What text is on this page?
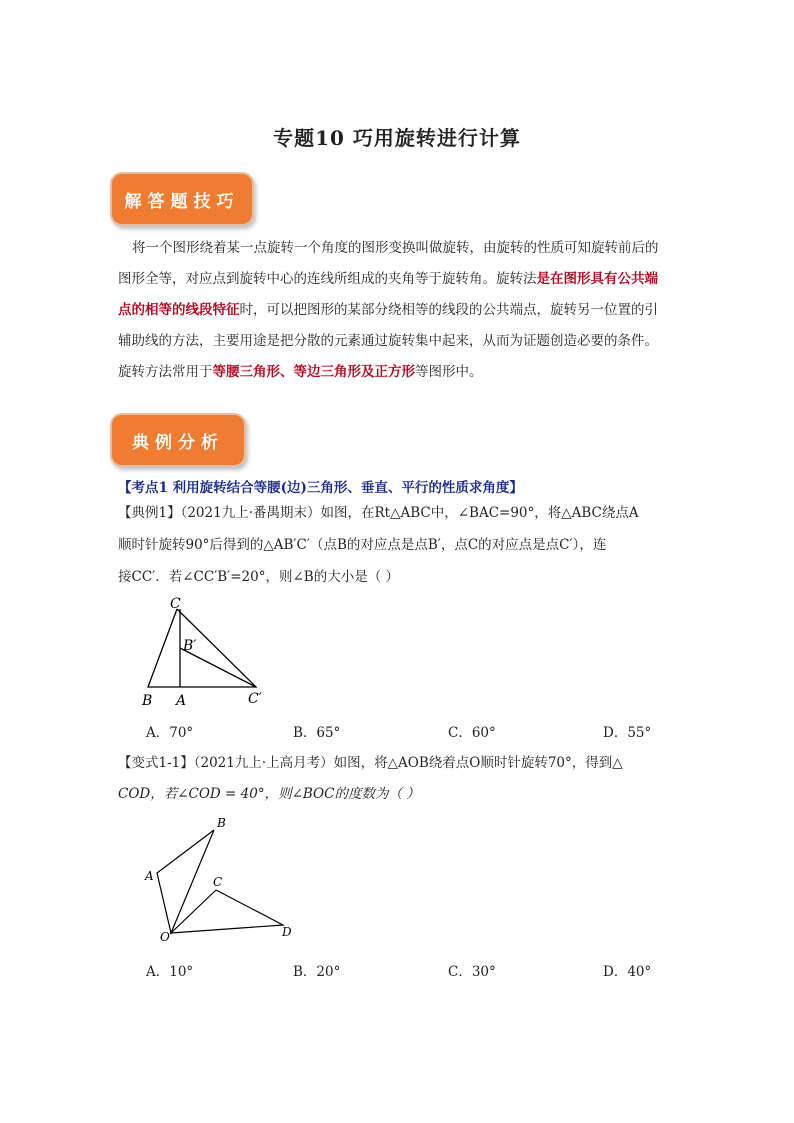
专题10 巧用旋转进行计算
解答题技巧
将一个图形绕着某一点旋转一个角度的图形变换叫做旋转，由旋转的性质可知旋转前后的
图形全等，对应点到旋转中心的连线所组成的夹角等于旋转角。旋转法是在图形具有公共端
点的相等的线段特征时，可以把图形的某部分绕相等的线段的公共端点，旋转另一位置的引
辅助线的方法，主要用途是把分散的元素通过旋转集中起来，从而为证题创造必要的条件。
旋转方法常用于等腰三角形、等边三角形及正方形等图形中。
典例分析
【考点1 利用旋转结合等腰(边)三角形、垂直、平行的性质求角度】
【典例1】（2021九上·番禺期末）如图，在Rt△ABC中，∠BAC=90°，将△ABC绕点A
顺时针旋转90°后得到的△AB′C′（点B的对应点是点B′，点C的对应点是点C′），连
接CC′．若∠CC′B′=20°，则∠B的大小是（ ）
C
B′
B A	C′
A．70°	B．65°	C．60°	D．55°
【变式1-1】（2021九上·上高月考）如图，将△AOB绕着点O顺时针旋转70°，得到△
COD，若∠COD = 40°，则∠BOC的度数为（ ）
B
A	C
O	D
A．10°	B．20°	C．30°	D．40°
